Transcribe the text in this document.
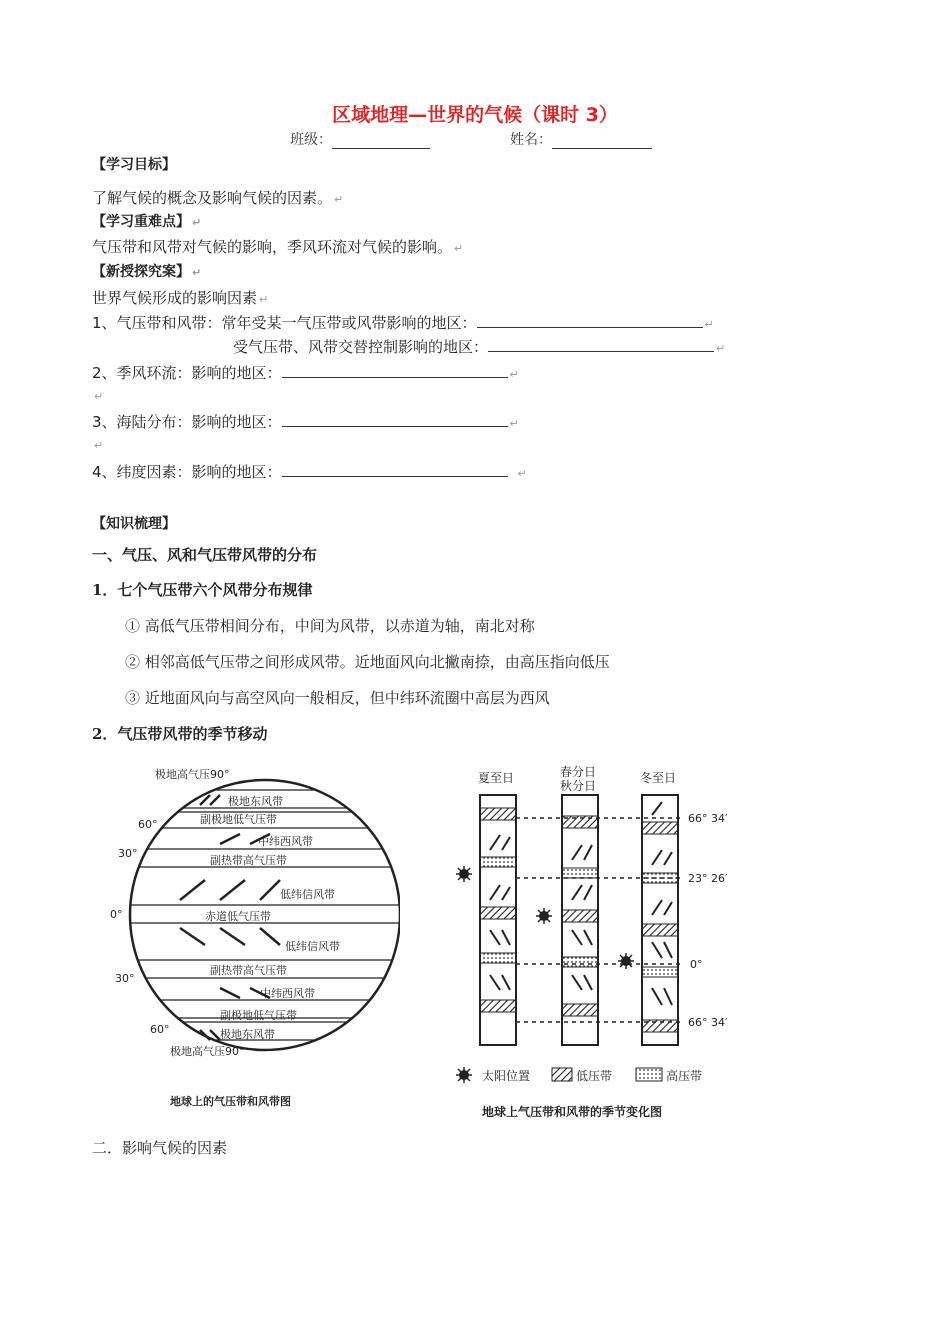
区域地理—世界的气候（课时 3）
班级：	姓名：
【学习目标】
了解气候的概念及影响气候的因素。 ↵
【学习重难点】 ↵
气压带和风带对气候的影响，季风环流对气候的影响。 ↵
【新授探究案】 ↵
世界气候形成的影响因素 ↵
1、气压带和风带：常年受某一气压带或风带影响的地区：	↵
受气压带、风带交替控制影响的地区：	↵
2、季风环流：影响的地区：	↵
↵
3、海陆分布：影响的地区：	↵
↵
4、纬度因素：影响的地区：	↵
【知识梳理】
一、气压、风和气压带风带的分布
1．七个气压带六个风带分布规律
① 高低气压带相间分布，中间为风带，以赤道为轴，南北对称
② 相邻高低气压带之间形成风带。近地面风向北撇南捺，由高压指向低压
③ 近地面风向与高空风向一般相反，但中纬环流圈中高层为西风
2．气压带风带的季节移动
极地高气压90°
极地东风带
副极地低气压带
中纬西风带
副热带高气压带
低纬信风带
赤道低气压带
低纬信风带
副热带高气压带
中纬西风带
副极地低气压带
极地东风带
极地高气压90°
60°
30°
0°
30°
60°
地球上的气压带和风带图
夏至日	春分日
秋分日
冬至日
66° 34′
23° 26′
0°
66° 34′
太阳位置	低压带	高压带
地球上气压带和风带的季节变化图
二．影响气候的因素
